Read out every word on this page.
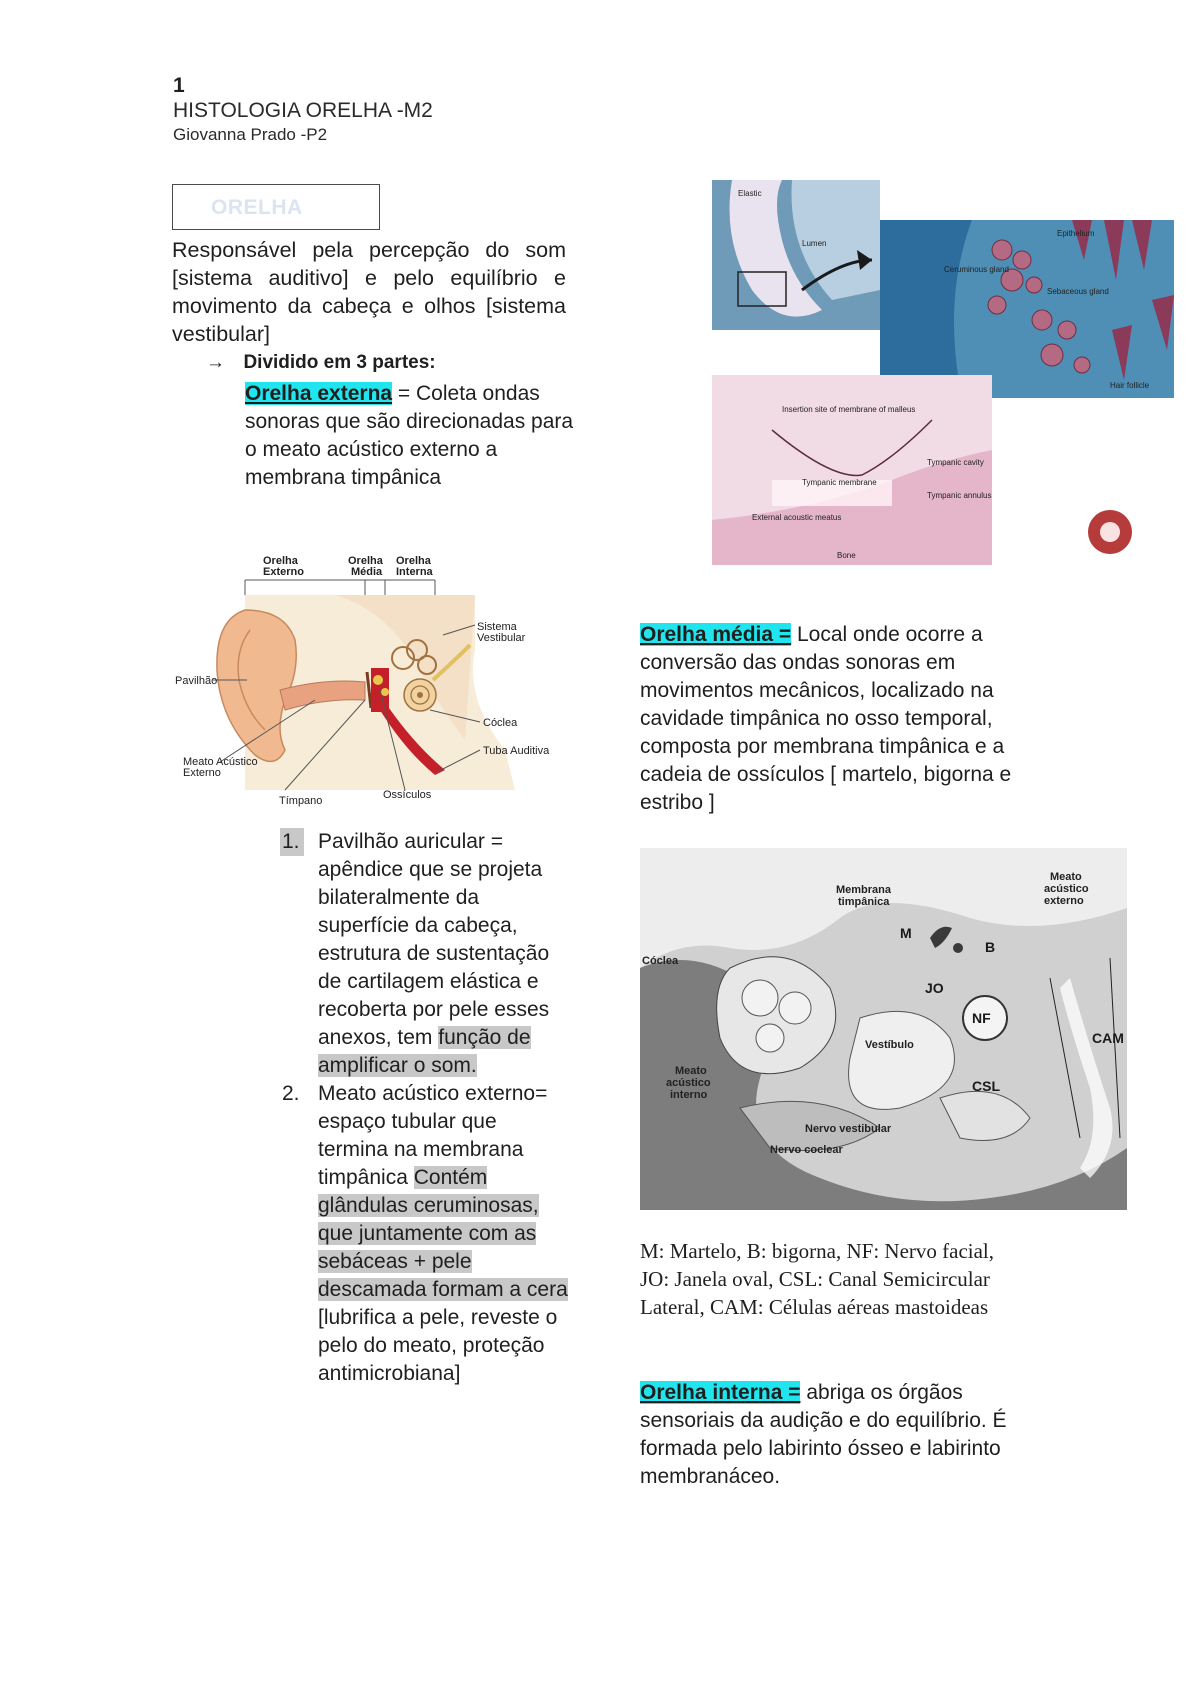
1
HISTOLOGIA ORELHA -M2
Giovanna Prado -P2
ORELHA
Responsável pela percepção do som [sistema auditivo] e pelo equilíbrio e movimento da cabeça e olhos [sistema vestibular]
→ Dividido em 3 partes:
Orelha externa = Coleta ondas sonoras que são direcionadas para o meato acústico externo a membrana timpânica
Orelha
Externo
Orelha
Média
Orelha
Interna
Sistema
Vestibular
Pavilhão
Cóclea
Tuba Auditiva
Meato Acústico
Externo
Tímpano	Ossículos
1. Pavilhão auricular = apêndice que se projeta bilateralmente da superfície da cabeça, estrutura de sustentação de cartilagem elástica e recoberta por pele esses anexos, tem função de amplificar o som.
2. Meato acústico externo= espaço tubular que termina na membrana timpânica Contém glândulas ceruminosas, que juntamente com as sebáceas + pele descamada formam a cera [lubrifica a pele, reveste o pelo do meato, proteção antimicrobiana]
Elastic
Lumen
Ceruminous gland
Sebaceous gland
Epithelium
Hair follicle
Insertion site of membrane of malleus
Tympanic cavity
Tympanic membrane
Tympanic annulus
External acoustic meatus
Bone
Orelha média = Local onde ocorre a conversão das ondas sonoras em movimentos mecânicos, localizado na cavidade timpânica no osso temporal, composta por membrana timpânica e a cadeia de ossículos [ martelo, bigorna e estribo ]
Membrana
timpânica
Meato
acústico
externo
M
B
Cóclea
JO
NF
Vestíbulo	CAM
Meato
acústico
interno
CSL
Nervo vestibular
Nervo coclear
M: Martelo, B: bigorna, NF: Nervo facial, JO: Janela oval, CSL: Canal Semicircular Lateral, CAM: Células aéreas mastoideas
Orelha interna = abriga os órgãos sensoriais da audição e do equilíbrio. É formada pelo labirinto ósseo e labirinto membranáceo.
